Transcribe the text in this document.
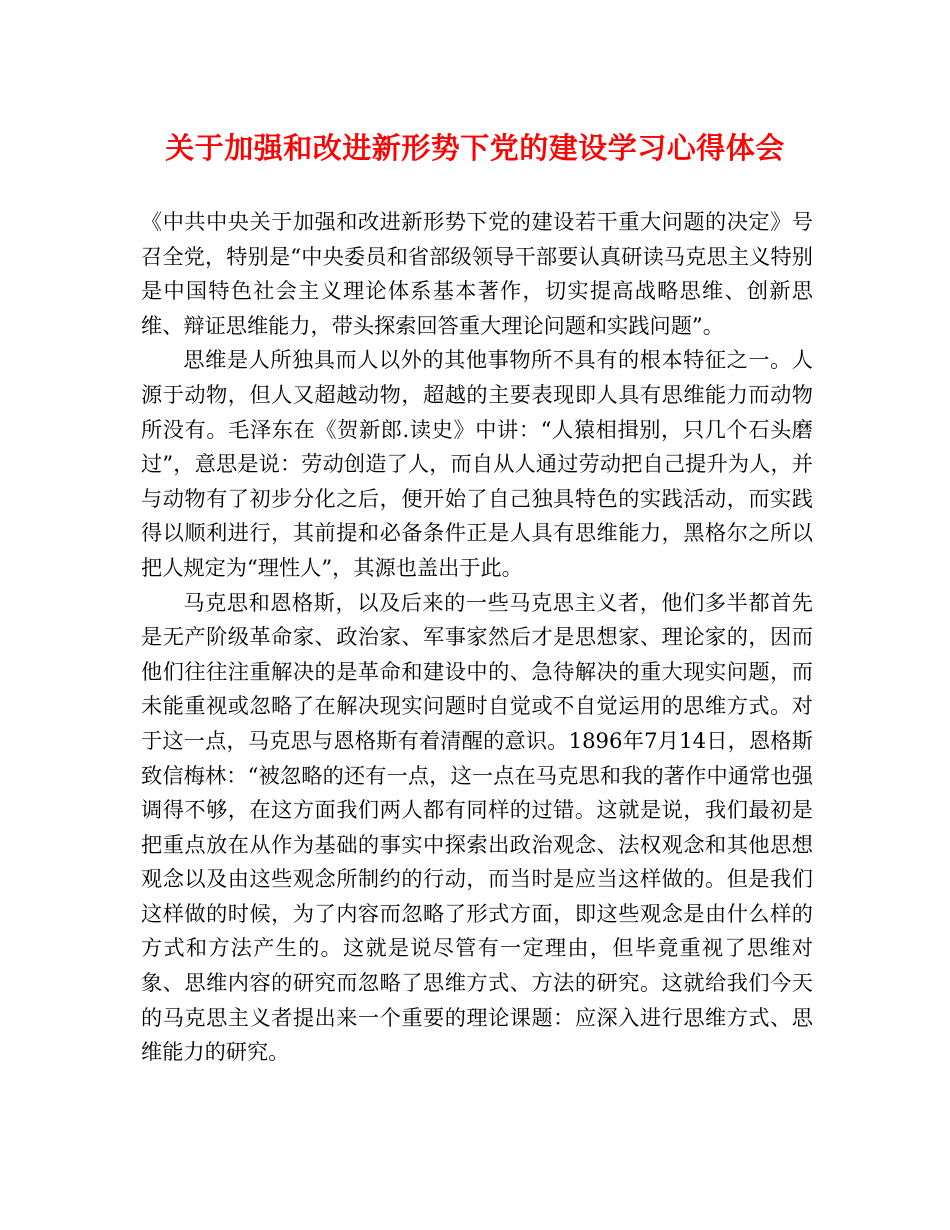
关于加强和改进新形势下党的建设学习心得体会

《中共中央关于加强和改进新形势下党的建设若干重大问题的决定》号召全党，特别是“中央委员和省部级领导干部要认真研读马克思主义特别是中国特色社会主义理论体系基本著作，切实提高战略思维、创新思维、辩证思维能力，带头探索回答重大理论问题和实践问题”。

思维是人所独具而人以外的其他事物所不具有的根本特征之一。人源于动物，但人又超越动物，超越的主要表现即人具有思维能力而动物所没有。毛泽东在《贺新郎.读史》中讲：“人猿相揖别，只几个石头磨过”，意思是说：劳动创造了人，而自从人通过劳动把自己提升为人，并与动物有了初步分化之后，便开始了自己独具特色的实践活动，而实践得以顺利进行，其前提和必备条件正是人具有思维能力，黑格尔之所以把人规定为“理性人”，其源也盖出于此。

马克思和恩格斯，以及后来的一些马克思主义者，他们多半都首先是无产阶级革命家、政治家、军事家然后才是思想家、理论家的，因而他们往往注重解决的是革命和建设中的、急待解决的重大现实问题，而未能重视或忽略了在解决现实问题时自觉或不自觉运用的思维方式。对于这一点，马克思与恩格斯有着清醒的意识。1896年7月14日，恩格斯致信梅林：“被忽略的还有一点，这一点在马克思和我的著作中通常也强调得不够，在这方面我们两人都有同样的过错。这就是说，我们最初是把重点放在从作为基础的事实中探索出政治观念、法权观念和其他思想观念以及由这些观念所制约的行动，而当时是应当这样做的。但是我们这样做的时候，为了内容而忽略了形式方面，即这些观念是由什么样的方式和方法产生的。这就是说尽管有一定理由，但毕竟重视了思维对象、思维内容的研究而忽略了思维方式、方法的研究。这就给我们今天的马克思主义者提出来一个重要的理论课题：应深入进行思维方式、思维能力的研究。
